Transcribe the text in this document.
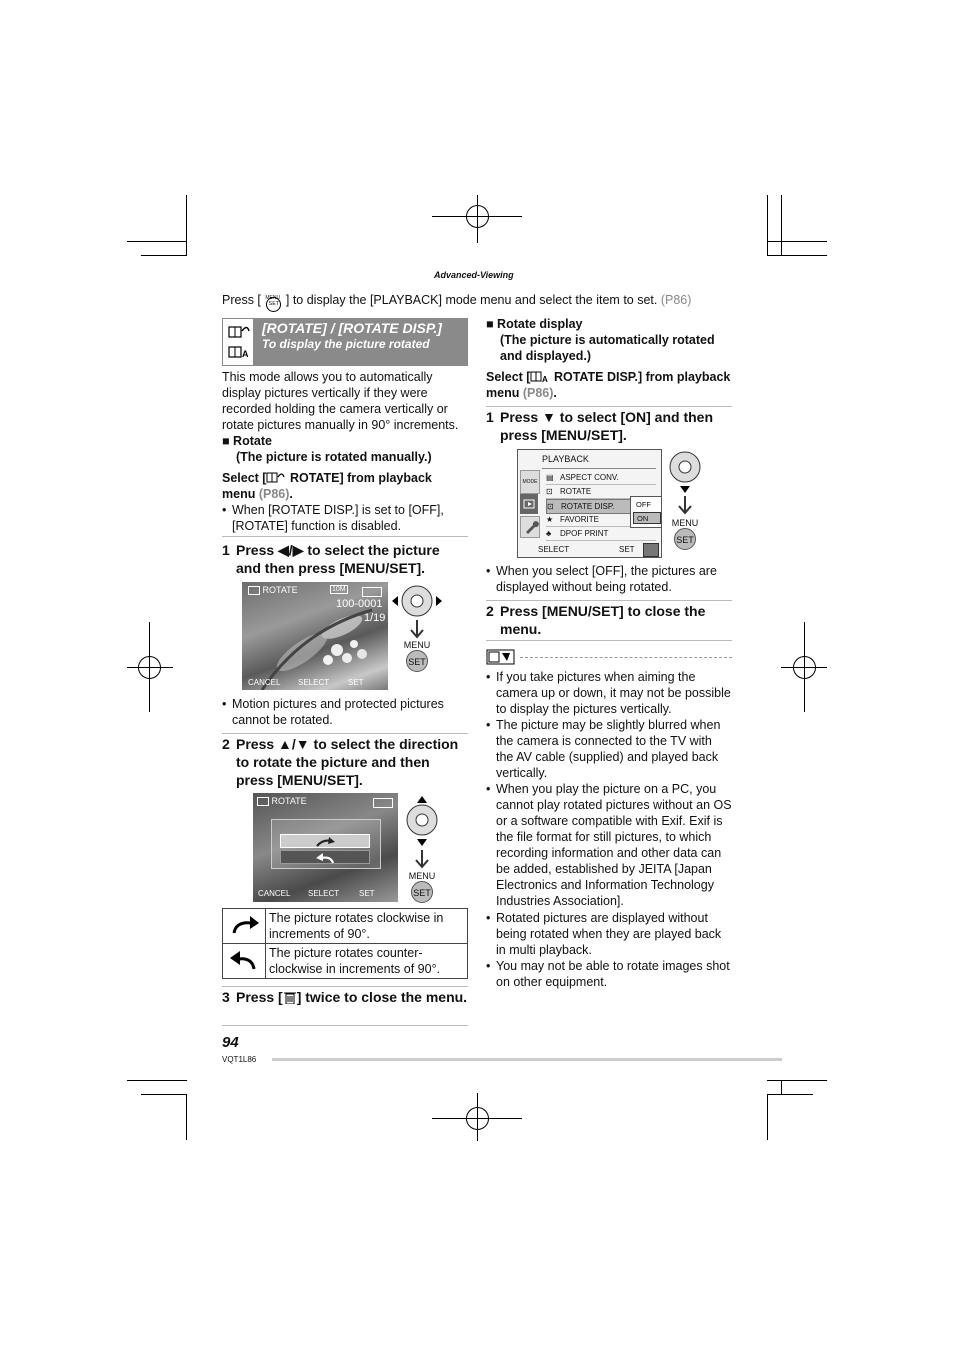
Advanced-Viewing
Press [ MENU
SET ] to display the [PLAYBACK] mode menu and select the item to set. (P86)
A
[ROTATE] / [ROTATE DISP.]
To display the picture rotated
This mode allows you to automatically display pictures vertically if they were recorded holding the camera vertically or rotate pictures manually in 90° increments.
■ Rotate
(The picture is rotated manually.)
Select [ ROTATE] from playback menu (P86).
• When [ROTATE DISP.] is set to [OFF], [ROTATE] function is disabled.
1 Press ◀/▶ to select the picture and then press [MENU/SET].
ROTATE	10M
100-0001
1/19
CANCEL SELECT SET
MENU
SET
• Motion pictures and protected pictures cannot be rotated.
2 Press ▲/▼ to select the direction to rotate the picture and then press [MENU/SET].
ROTATE
CANCEL SELECT SET
MENU
SET
	The picture rotates clockwise in increments of 90°.
	The picture rotates counter-clockwise in increments of 90°.
3 Press [ ] twice to close the menu.
■ Rotate display
(The picture is automatically rotated and displayed.)
Select [ A ROTATE DISP.] from playback menu (P86).
1 Press ▼ to select [ON] and then press [MENU/SET].
MODE
PLAYBACK
▤ ASPECT CONV.
⊡ ROTATE
⊡ ROTATE DISP.
★ FAVORITE
♣ DPOF PRINT
OFF
ON
SELECT	SET
MENU
SET
• When you select [OFF], the pictures are displayed without being rotated.
2 Press [MENU/SET] to close the menu.
• If you take pictures when aiming the camera up or down, it may not be possible to display the pictures vertically.
• The picture may be slightly blurred when the camera is connected to the TV with the AV cable (supplied) and played back vertically.
• When you play the picture on a PC, you cannot play rotated pictures without an OS or a software compatible with Exif. Exif is the file format for still pictures, to which recording information and other data can be added, established by JEITA [Japan Electronics and Information Technology Industries Association].
• Rotated pictures are displayed without being rotated when they are played back in multi playback.
• You may not be able to rotate images shot on other equipment.
94
VQT1L86
